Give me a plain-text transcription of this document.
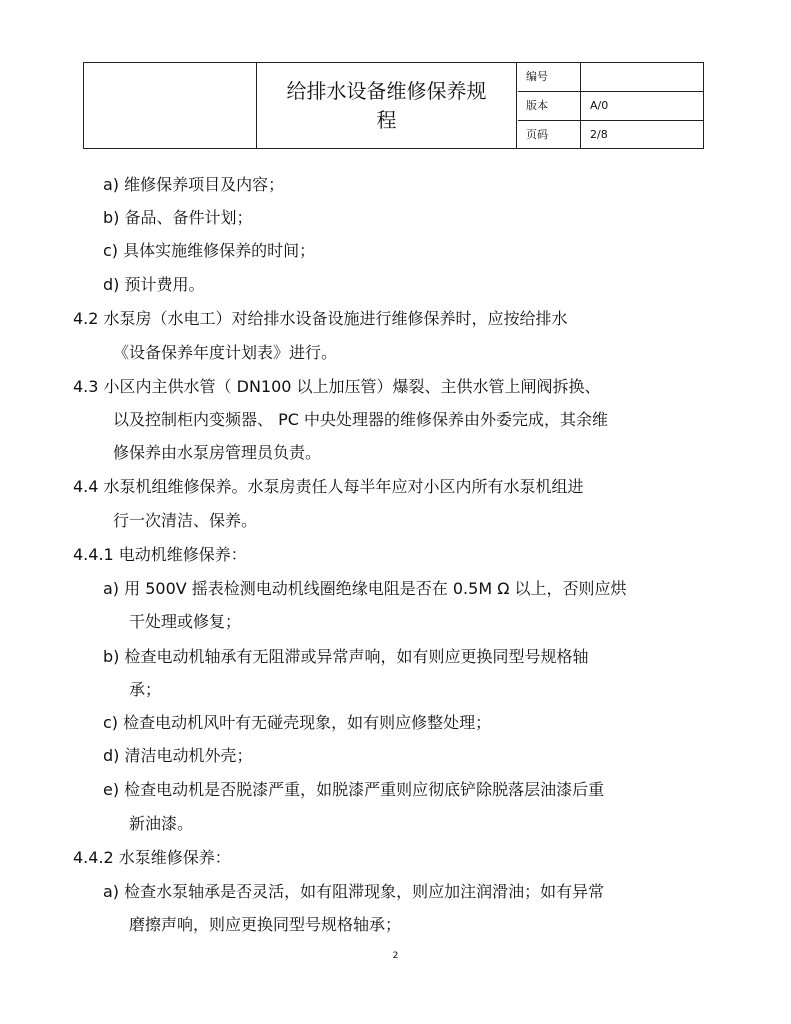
给排水设备维修保养规
程
编号
版本	A/0
页码	2/8
a) 维修保养项目及内容；
b) 备品、备件计划；
c) 具体实施维修保养的时间；
d) 预计费用。
4.2 水泵房（水电工）对给排水设备设施进行维修保养时，应按给排水
《设备保养年度计划表》进行。
4.3 小区内主供水管（ DN100 以上加压管）爆裂、主供水管上闸阀拆换、
以及控制柜内变频器、 PC 中央处理器的维修保养由外委完成，其余维
修保养由水泵房管理员负责。
4.4 水泵机组维修保养。水泵房责任人每半年应对小区内所有水泵机组进
行一次清洁、保养。
4.4.1 电动机维修保养：
a) 用 500V 摇表检测电动机线圈绝缘电阻是否在 0.5M Ω 以上，否则应烘
干处理或修复；
b) 检查电动机轴承有无阻滞或异常声响，如有则应更换同型号规格轴
承；
c) 检查电动机风叶有无碰壳现象，如有则应修整处理；
d) 清洁电动机外壳；
e) 检查电动机是否脱漆严重，如脱漆严重则应彻底铲除脱落层油漆后重
新油漆。
4.4.2 水泵维修保养：
a) 检查水泵轴承是否灵活，如有阻滞现象，则应加注润滑油；如有异常
磨擦声响，则应更换同型号规格轴承；
2
